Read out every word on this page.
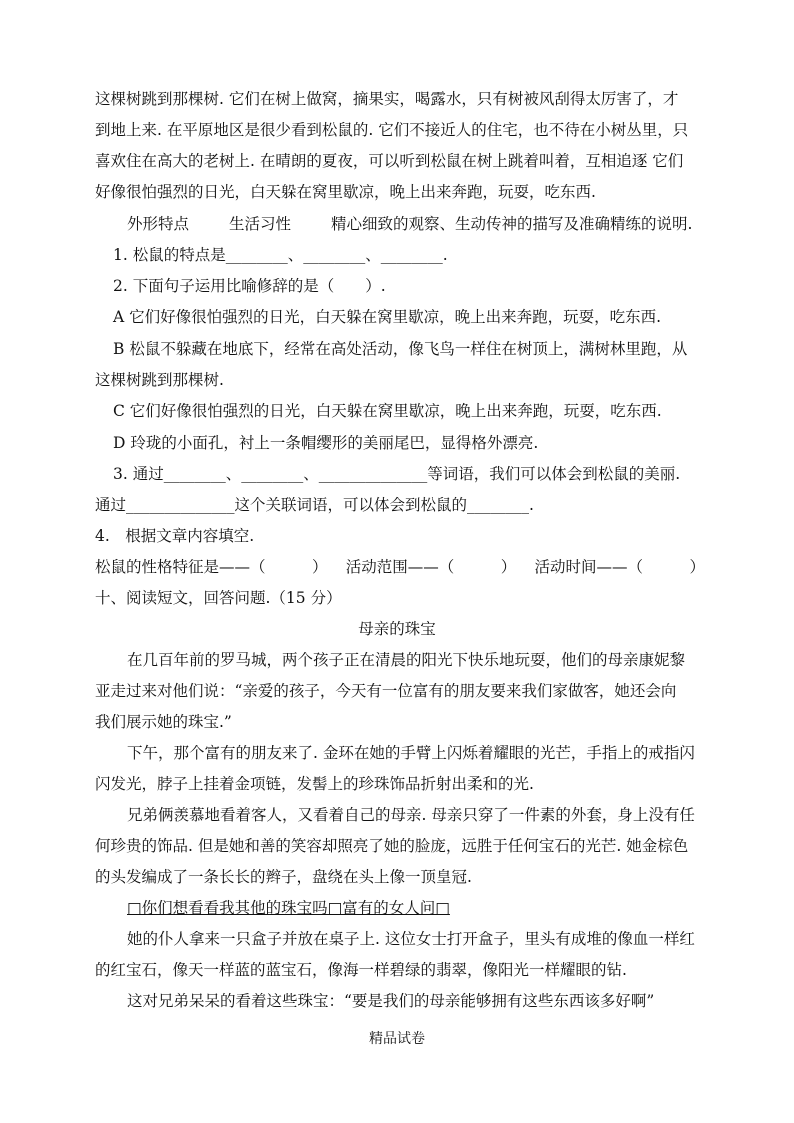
这棵树跳到那棵树. 它们在树上做窝，摘果实，喝露水，只有树被风刮得太厉害了，才
到地上来. 在平原地区是很少看到松鼠的. 它们不接近人的住宅，也不待在小树丛里，只
喜欢住在高大的老树上. 在晴朗的夏夜，可以听到松鼠在树上跳着叫着，互相追逐 它们
好像很怕强烈的日光，白天躲在窝里歇凉，晚上出来奔跑，玩耍，吃东西.
外形特点	生活习性	精心细致的观察、生动传神的描写及准确精练的说明.
1. 松鼠的特点是________、________、________.
2. 下面句子运用比喻修辞的是（　　）.
A 它们好像很怕强烈的日光，白天躲在窝里歇凉，晚上出来奔跑，玩耍，吃东西.
B 松鼠不躲藏在地底下，经常在高处活动，像飞鸟一样住在树顶上，满树林里跑，从
这棵树跳到那棵树.
C 它们好像很怕强烈的日光，白天躲在窝里歇凉，晚上出来奔跑，玩耍，吃东西.
D 玲珑的小面孔，衬上一条帽缨形的美丽尾巴，显得格外漂亮.
3. 通过________、________、______________等词语，我们可以体会到松鼠的美丽.
通过______________这个关联词语，可以体会到松鼠的________.
4.　根据文章内容填空.
松鼠的性格特征是——（　　　） 活动范围——（　　　） 活动时间——（　　　）
十、阅读短文，回答问题.（15 分）
母亲的珠宝
在几百年前的罗马城，两个孩子正在清晨的阳光下快乐地玩耍，他们的母亲康妮黎
亚走过来对他们说：“亲爱的孩子，今天有一位富有的朋友要来我们家做客，她还会向
我们展示她的珠宝.”
下午，那个富有的朋友来了. 金环在她的手臂上闪烁着耀眼的光芒，手指上的戒指闪
闪发光，脖子上挂着金项链，发髻上的珍珠饰品折射出柔和的光.
兄弟俩羡慕地看着客人，又看着自己的母亲. 母亲只穿了一件素的外套，身上没有任
何珍贵的饰品. 但是她和善的笑容却照亮了她的脸庞，远胜于任何宝石的光芒. 她金棕色
的头发编成了一条长长的辫子，盘绕在头上像一顶皇冠.
□你们想看看我其他的珠宝吗□富有的女人问□
她的仆人拿来一只盒子并放在桌子上. 这位女士打开盒子，里头有成堆的像血一样红
的红宝石，像天一样蓝的蓝宝石，像海一样碧绿的翡翠，像阳光一样耀眼的钻.
这对兄弟呆呆的看着这些珠宝：“要是我们的母亲能够拥有这些东西该多好啊”
精品试卷
